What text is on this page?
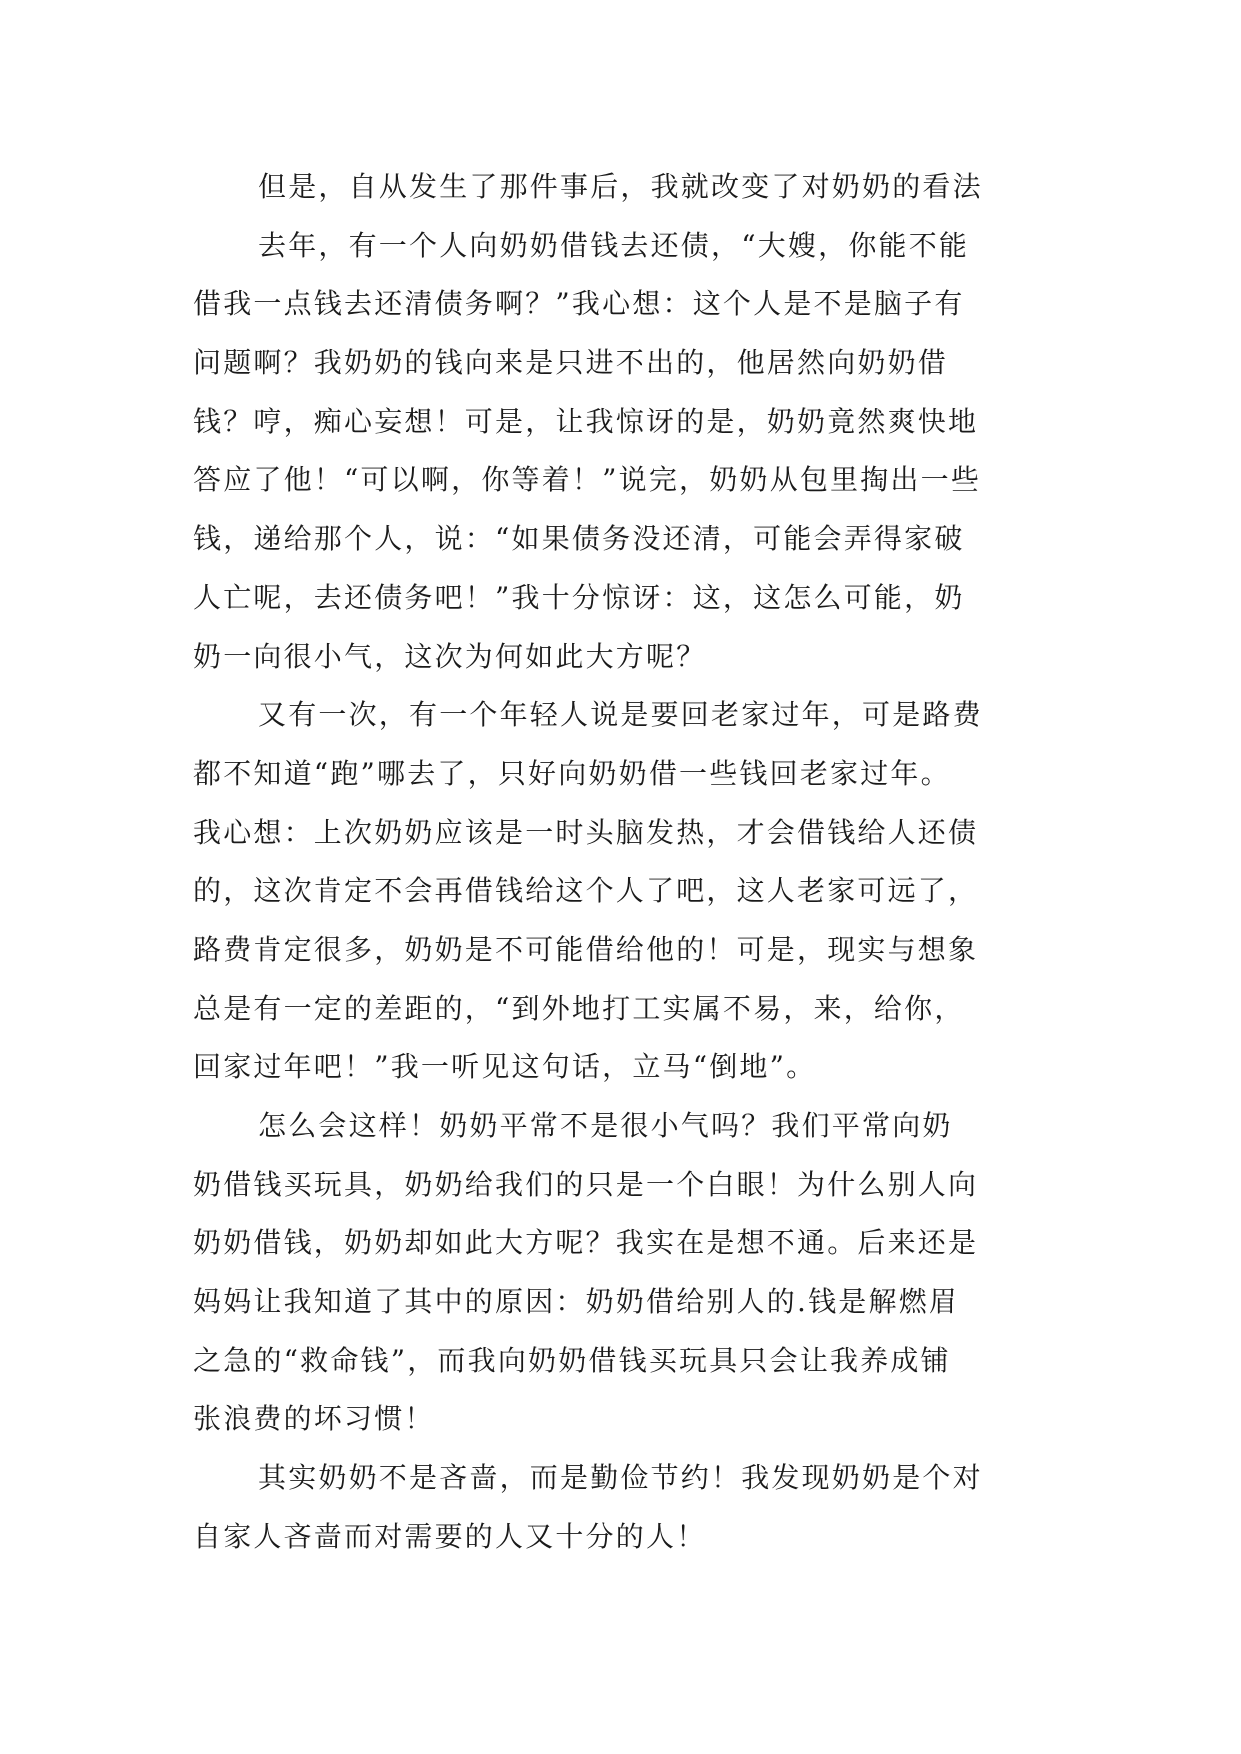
但是，自从发生了那件事后，我就改变了对奶奶的看法
去年，有一个人向奶奶借钱去还债，“大嫂，你能不能
借我一点钱去还清债务啊？”我心想：这个人是不是脑子有
问题啊？我奶奶的钱向来是只进不出的，他居然向奶奶借
钱？哼，痴心妄想！可是，让我惊讶的是，奶奶竟然爽快地
答应了他！“可以啊，你等着！”说完，奶奶从包里掏出一些
钱，递给那个人，说：“如果债务没还清，可能会弄得家破
人亡呢，去还债务吧！”我十分惊讶：这，这怎么可能，奶
奶一向很小气，这次为何如此大方呢？
又有一次，有一个年轻人说是要回老家过年，可是路费
都不知道“跑”哪去了，只好向奶奶借一些钱回老家过年。
我心想：上次奶奶应该是一时头脑发热，才会借钱给人还债
的，这次肯定不会再借钱给这个人了吧，这人老家可远了，
路费肯定很多，奶奶是不可能借给他的！可是，现实与想象
总是有一定的差距的，“到外地打工实属不易，来，给你，
回家过年吧！”我一听见这句话，立马“倒地”。
怎么会这样！奶奶平常不是很小气吗？我们平常向奶
奶借钱买玩具，奶奶给我们的只是一个白眼！为什么别人向
奶奶借钱，奶奶却如此大方呢？我实在是想不通。后来还是
妈妈让我知道了其中的原因：奶奶借给别人的.钱是解燃眉
之急的“救命钱”，而我向奶奶借钱买玩具只会让我养成铺
张浪费的坏习惯！
其实奶奶不是吝啬，而是勤俭节约！我发现奶奶是个对
自家人吝啬而对需要的人又十分的人！
